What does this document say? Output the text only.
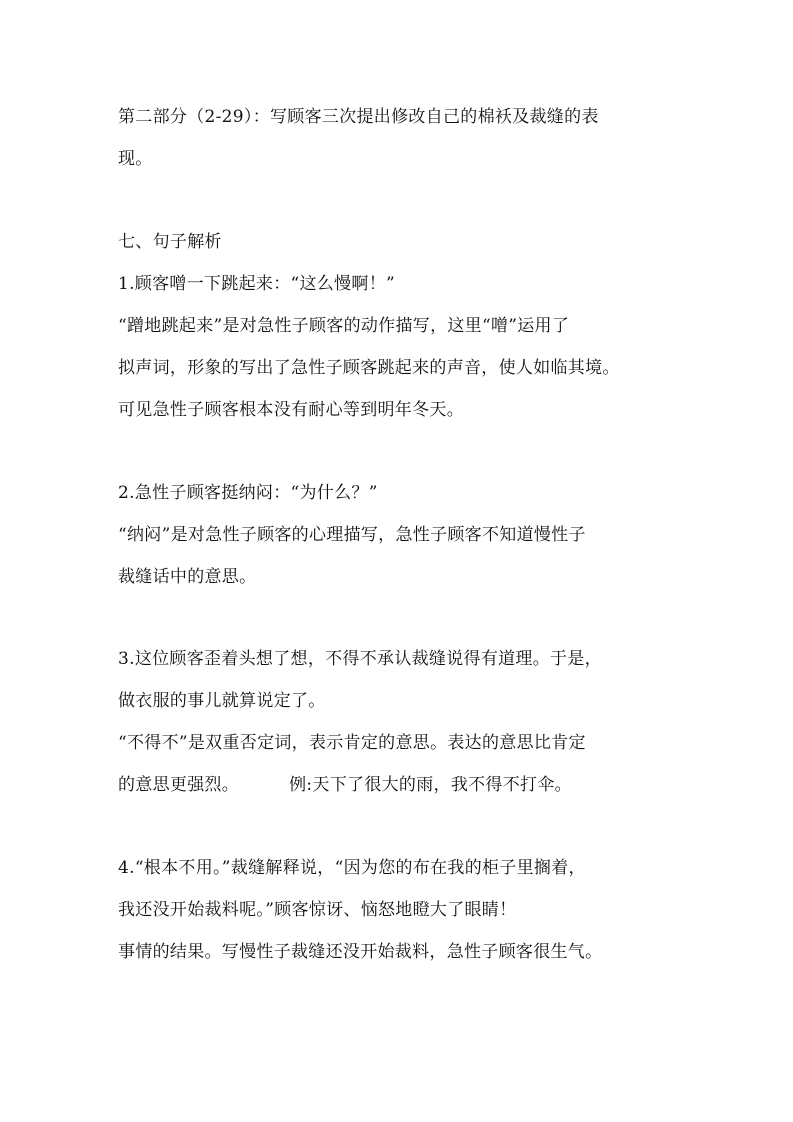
第二部分（2-29）：写顾客三次提出修改自己的棉袄及裁缝的表
现。
七、句子解析
1.顾客噌一下跳起来：“这么慢啊！”
“蹭地跳起来”是对急性子顾客的动作描写，这里“噌”运用了
拟声词，形象的写出了急性子顾客跳起来的声音，使人如临其境。
可见急性子顾客根本没有耐心等到明年冬天。
2.急性子顾客挺纳闷：“为什么？”
“纳闷”是对急性子顾客的心理描写，急性子顾客不知道慢性子
裁缝话中的意思。
3.这位顾客歪着头想了想，不得不承认裁缝说得有道理。于是，
做衣服的事儿就算说定了。
“不得不”是双重否定词，表示肯定的意思。表达的意思比肯定
的意思更强烈。	例:天下了很大的雨，我不得不打伞。
4.“根本不用。”裁缝解释说，“因为您的布在我的柜子里搁着，
我还没开始裁料呢。”顾客惊讶、恼怒地瞪大了眼睛！
事情的结果。写慢性子裁缝还没开始裁料，急性子顾客很生气。
